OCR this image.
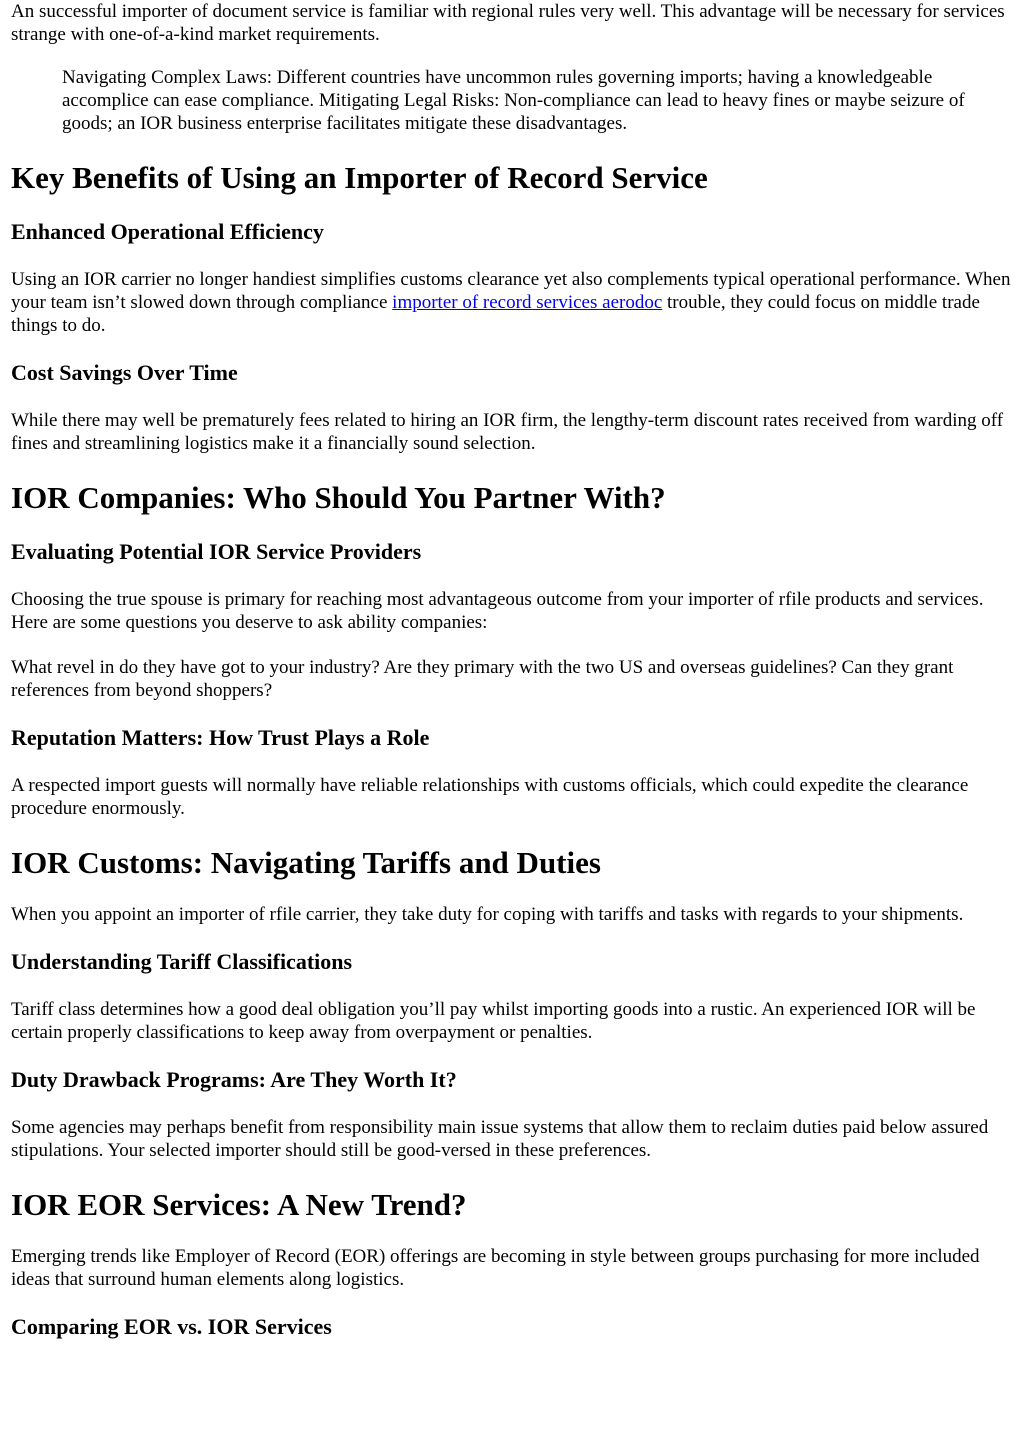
An successful importer of document service is familiar with regional rules very well. This advantage will be necessary for services strange with one-of-a-kind market requirements.

Navigating Complex Laws: Different countries have uncommon rules governing imports; having a knowledgeable accomplice can ease compliance. Mitigating Legal Risks: Non-compliance can lead to heavy fines or maybe seizure of goods; an IOR business enterprise facilitates mitigate these disadvantages.

Key Benefits of Using an Importer of Record Service
Enhanced Operational Efficiency

Using an IOR carrier no longer handiest simplifies customs clearance yet also complements typical operational performance. When your team isn’t slowed down through compliance importer of record services aerodoc trouble, they could focus on middle trade things to do.

Cost Savings Over Time

While there may well be prematurely fees related to hiring an IOR firm, the lengthy-term discount rates received from warding off fines and streamlining logistics make it a financially sound selection.

IOR Companies: Who Should You Partner With?
Evaluating Potential IOR Service Providers

Choosing the true spouse is primary for reaching most advantageous outcome from your importer of rfile products and services. Here are some questions you deserve to ask ability companies:

What revel in do they have got to your industry? Are they primary with the two US and overseas guidelines? Can they grant references from beyond shoppers?

Reputation Matters: How Trust Plays a Role

A respected import guests will normally have reliable relationships with customs officials, which could expedite the clearance procedure enormously.

IOR Customs: Navigating Tariffs and Duties

When you appoint an importer of rfile carrier, they take duty for coping with tariffs and tasks with regards to your shipments.

Understanding Tariff Classifications

Tariff class determines how a good deal obligation you’ll pay whilst importing goods into a rustic. An experienced IOR will be certain properly classifications to keep away from overpayment or penalties.

Duty Drawback Programs: Are They Worth It?

Some agencies may perhaps benefit from responsibility main issue systems that allow them to reclaim duties paid below assured stipulations. Your selected importer should still be good-versed in these preferences.

IOR EOR Services: A New Trend?

Emerging trends like Employer of Record (EOR) offerings are becoming in style between groups purchasing for more included ideas that surround human elements along logistics.

Comparing EOR vs. IOR Services
